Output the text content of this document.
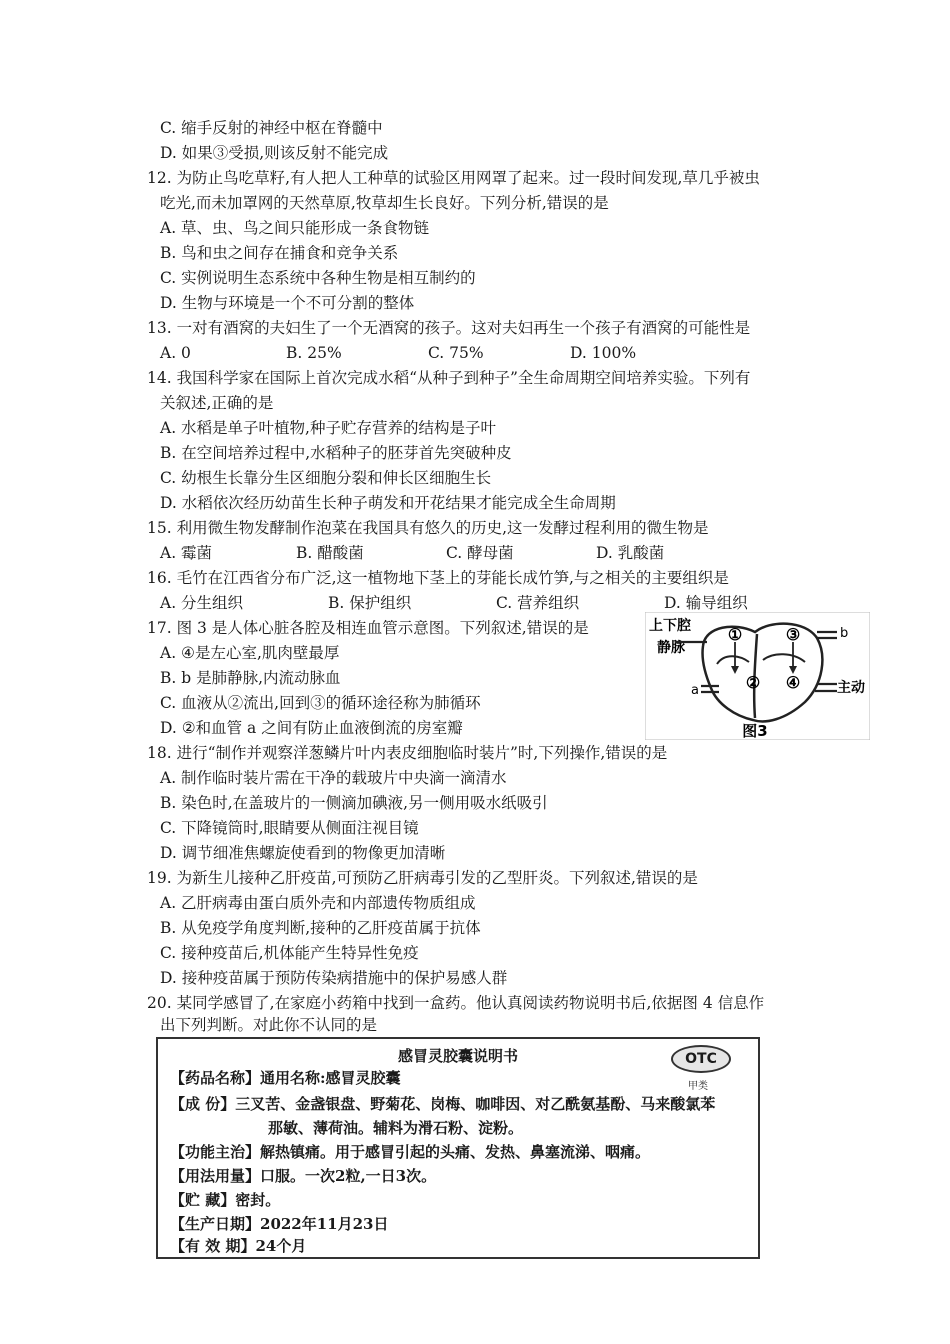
C. 缩手反射的神经中枢在脊髓中
D. 如果③受损,则该反射不能完成
12. 为防止鸟吃草籽,有人把人工种草的试验区用网罩了起来。过一段时间发现,草几乎被虫
吃光,而未加罩网的天然草原,牧草却生长良好。下列分析,错误的是
A. 草、虫、鸟之间只能形成一条食物链
B. 鸟和虫之间存在捕食和竞争关系
C. 实例说明生态系统中各种生物是相互制约的
D. 生物与环境是一个不可分割的整体
13. 一对有酒窝的夫妇生了一个无酒窝的孩子。这对夫妇再生一个孩子有酒窝的可能性是
A. 0	B. 25%	C. 75%	D. 100%
14. 我国科学家在国际上首次完成水稻“从种子到种子”全生命周期空间培养实验。下列有
关叙述,正确的是
A. 水稻是单子叶植物,种子贮存营养的结构是子叶
B. 在空间培养过程中,水稻种子的胚芽首先突破种皮
C. 幼根生长靠分生区细胞分裂和伸长区细胞生长
D. 水稻依次经历幼苗生长种子萌发和开花结果才能完成全生命周期
15. 利用微生物发酵制作泡菜在我国具有悠久的历史,这一发酵过程利用的微生物是
A. 霉菌	B. 醋酸菌	C. 酵母菌	D. 乳酸菌
16. 毛竹在江西省分布广泛,这一植物地下茎上的芽能长成竹笋,与之相关的主要组织是
A. 分生组织	B. 保护组织	C. 营养组织	D. 输导组织
17. 图 3 是人体心脏各腔及相连血管示意图。下列叙述,错误的是
A. ④是左心室,肌肉壁最厚
B. b 是肺静脉,内流动脉血
C. 血液从②流出,回到③的循环途径称为肺循环
D. ②和血管 a 之间有防止血液倒流的房室瓣
18. 进行“制作并观察洋葱鳞片叶内表皮细胞临时装片”时,下列操作,错误的是
A. 制作临时装片需在干净的载玻片中央滴一滴清水
B. 染色时,在盖玻片的一侧滴加碘液,另一侧用吸水纸吸引
C. 下降镜筒时,眼睛要从侧面注视目镜
D. 调节细准焦螺旋使看到的物像更加清晰
19. 为新生儿接种乙肝疫苗,可预防乙肝病毒引发的乙型肝炎。下列叙述,错误的是
A. 乙肝病毒由蛋白质外壳和内部遗传物质组成
B. 从免疫学角度判断,接种的乙肝疫苗属于抗体
C. 接种疫苗后,机体能产生特异性免疫
D. 接种疫苗属于预防传染病措施中的保护易感人群
20. 某同学感冒了,在家庭小药箱中找到一盒药。他认真阅读药物说明书后,依据图 4 信息作
出下列判断。对此你不认同的是
上下腔
静脉
①
②
③
④
a
b
主动
图3
感冒灵胶囊说明书	OTC
甲类
【药品名称】通用名称:感冒灵胶囊
【成 份】三叉苦、金盏银盘、野菊花、岗梅、咖啡因、对乙酰氨基酚、马来酸氯苯
那敏、薄荷油。辅料为滑石粉、淀粉。
【功能主治】解热镇痛。用于感冒引起的头痛、发热、鼻塞流涕、咽痛。
【用法用量】口服。一次2粒,一日3次。
【贮 藏】密封。
【生产日期】2022年11月23日
【有 效 期】24个月
